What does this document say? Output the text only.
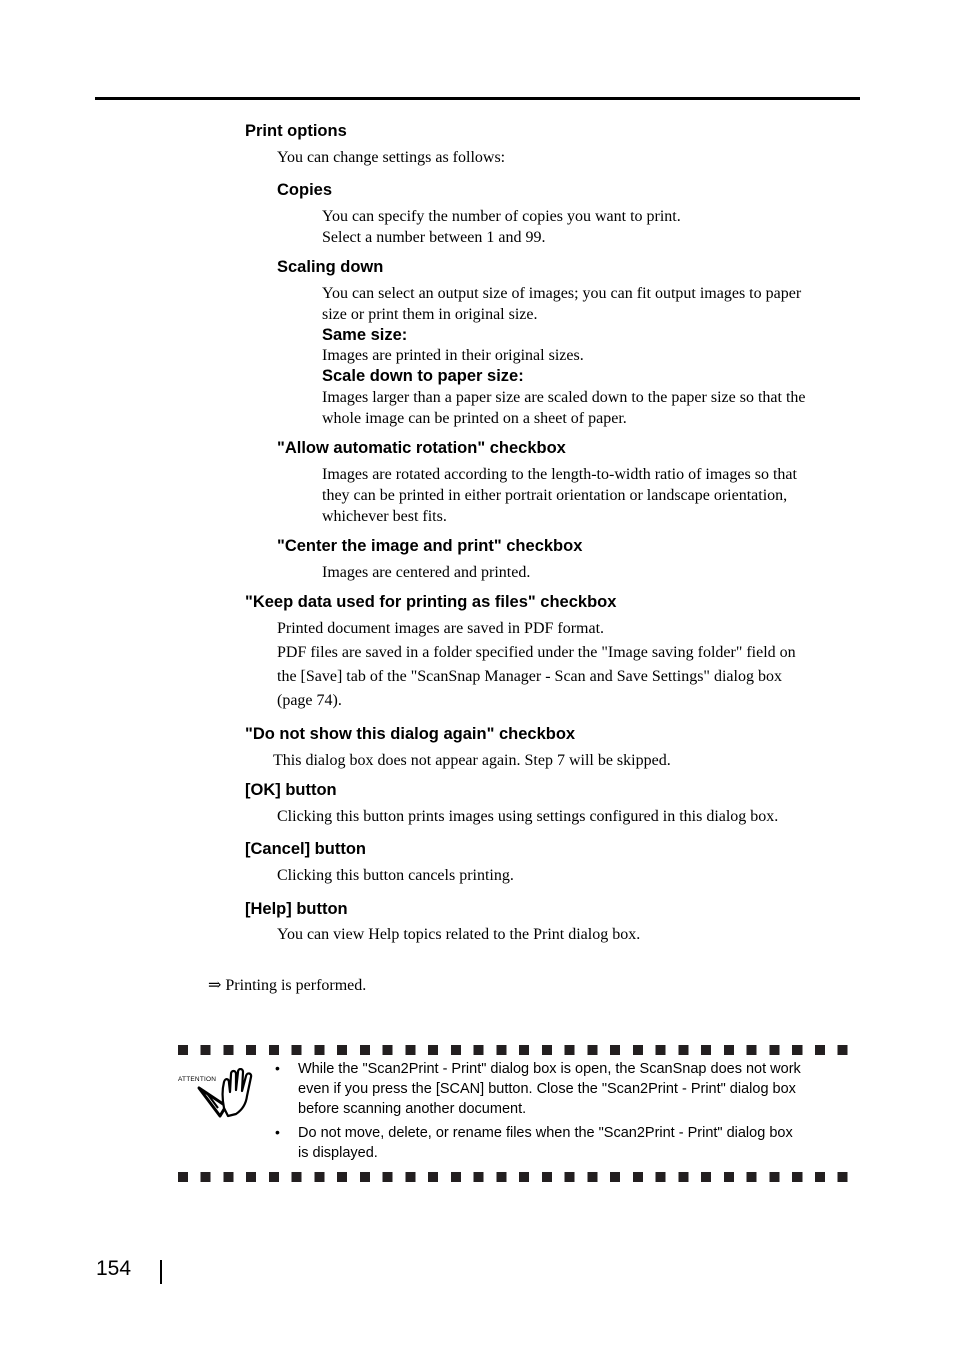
Print options
You can change settings as follows:
Copies
You can specify the number of copies you want to print.
Select a number between 1 and 99.
Scaling down
You can select an output size of images; you can fit output images to paper
size or print them in original size.
Same size:
Images are printed in their original sizes.
Scale down to paper size:
Images larger than a paper size are scaled down to the paper size so that the
whole image can be printed on a sheet of paper.
"Allow automatic rotation" checkbox
Images are rotated according to the length-to-width ratio of images so that
they can be printed in either portrait orientation or landscape orientation,
whichever best fits.
"Center the image and print" checkbox
Images are centered and printed.
"Keep data used for printing as files" checkbox
Printed document images are saved in PDF format.
PDF files are saved in a folder specified under the "Image saving folder" field on
the [Save] tab of the "ScanSnap Manager - Scan and Save Settings" dialog box
(page 74).
"Do not show this dialog again" checkbox
This dialog box does not appear again. Step 7 will be skipped.
[OK] button
Clicking this button prints images using settings configured in this dialog box.
[Cancel] button
Clicking this button cancels printing.
[Help] button
You can view Help topics related to the Print dialog box.
⇒ Printing is performed.
ATTENTION
• While the "Scan2Print - Print" dialog box is open, the ScanSnap does not work
even if you press the [SCAN] button. Close the "Scan2Print - Print" dialog box
before scanning another document.
• Do not move, delete, or rename files when the "Scan2Print - Print" dialog box
is displayed.
154
